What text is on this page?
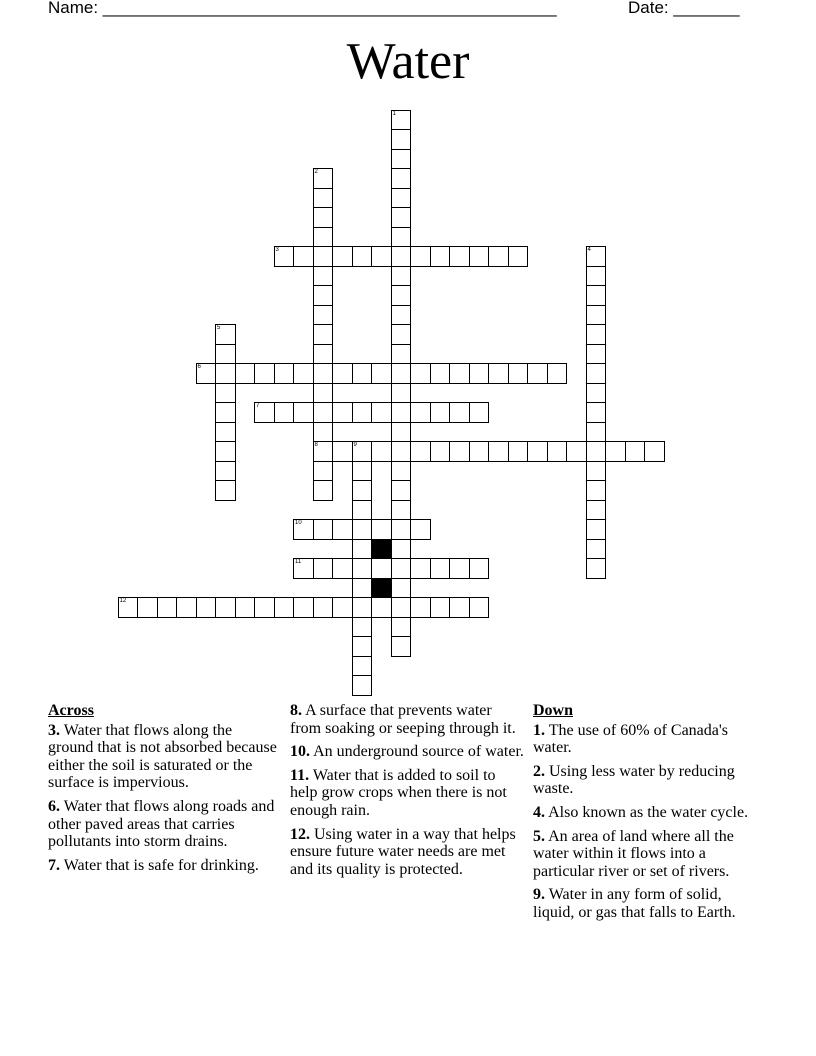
Name: ________________________________________________	Date: _______
Water
1
2
8
3	4
5
6
7
9
10
11
12
Across
3. Water that flows along the ground that is not absorbed because either the soil is saturated or the surface is impervious.
6. Water that flows along roads and other paved areas that carries pollutants into storm drains.
7. Water that is safe for drinking.
8. A surface that prevents water from soaking or seeping through it.
10. An underground source of water.
11. Water that is added to soil to help grow crops when there is not enough rain.
12. Using water in a way that helps ensure future water needs are met and its quality is protected.
Down
1. The use of 60% of Canada's water.
2. Using less water by reducing waste.
4. Also known as the water cycle.
5. An area of land where all the water within it flows into a particular river or set of rivers.
9. Water in any form of solid, liquid, or gas that falls to Earth.
